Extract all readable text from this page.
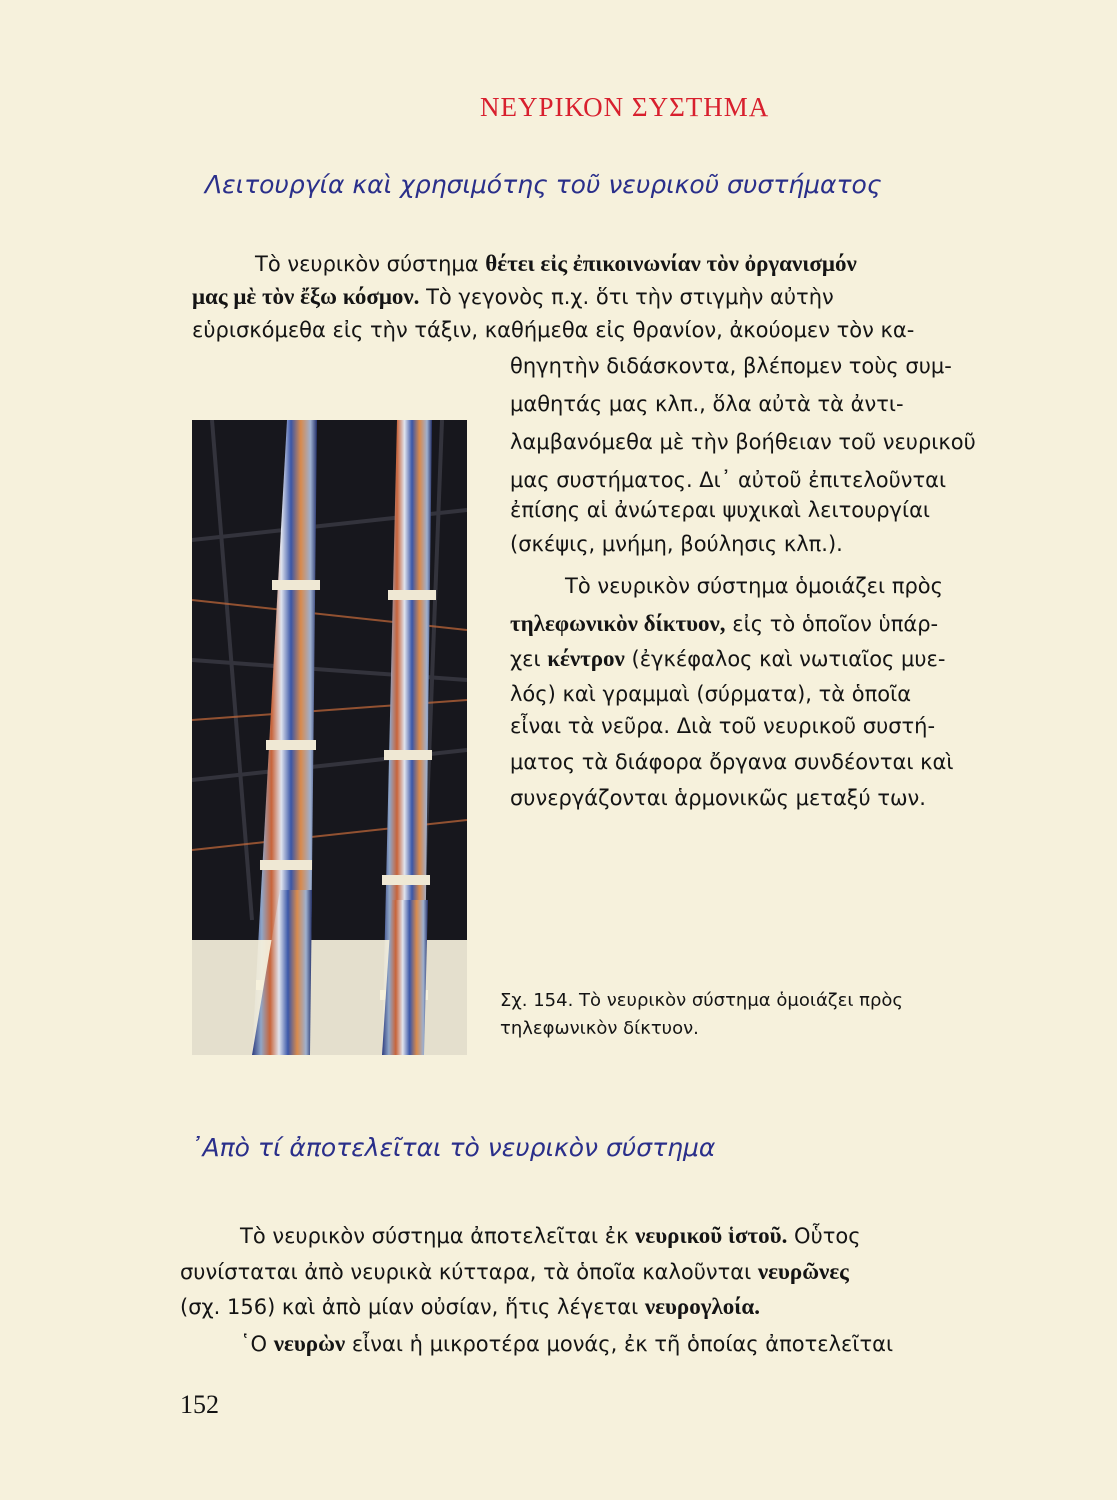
ΝΕΥΡΙΚΟΝ ΣΥΣΤΗΜΑ
Λειτουργία καὶ χρησιμότης τοῦ νευρικοῦ συστήματος
Τὸ νευρικὸν σύστημα θέτει εἰς ἐπικοινωνίαν τὸν ὀργανισμόν
μας μὲ τὸν ἔξω κόσμον. Τὸ γεγονὸς π.χ. ὅτι τὴν στιγμὴν αὐτὴν
εὑρισκόμεθα εἰς τὴν τάξιν, καθήμεθα εἰς θρανίον, ἀκούομεν τὸν κα-
θηγητὴν διδάσκοντα, βλέπομεν τοὺς συμ-
μαθητάς μας κλπ., ὅλα αὐτὰ τὰ ἀντι-
λαμβανόμεθα μὲ τὴν βοήθειαν τοῦ νευρικοῦ
μας συστήματος. Δι᾽ αὐτοῦ ἐπιτελοῦνται
ἐπίσης αἱ ἀνώτεραι ψυχικαὶ λειτουργίαι
(σκέψις, μνήμη, βούλησις κλπ.).
Τὸ νευρικὸν σύστημα ὁμοιάζει πρὸς
τηλεφωνικὸν δίκτυον, εἰς τὸ ὁποῖον ὑπάρ-
χει κέντρον (ἐγκέφαλος καὶ νωτιαῖος μυε-
λός) καὶ γραμμαὶ (σύρματα), τὰ ὁποῖα
εἶναι τὰ νεῦρα. Διὰ τοῦ νευρικοῦ συστή-
ματος τὰ διάφορα ὄργανα συνδέονται καὶ
συνεργάζονται ἁρμονικῶς μεταξύ των.
Σχ. 154. Τὸ νευρικὸν σύστημα ὁμοιάζει πρὸς
τηλεφωνικὸν δίκτυον.
᾿Απὸ τί ἀποτελεῖται τὸ νευρικὸν σύστημα
Τὸ νευρικὸν σύστημα ἀποτελεῖται ἐκ νευρικοῦ ἱστοῦ. Οὗτος
συνίσταται ἀπὸ νευρικὰ κύτταρα, τὰ ὁποῖα καλοῦνται νευρῶνες
(σχ. 156) καὶ ἀπὸ μίαν οὐσίαν, ἥτις λέγεται νευρογλοία.
῾Ο νευρὼν εἶναι ἡ μικροτέρα μονάς, ἐκ τῆ ὁποίας ἀποτελεῖται
152
